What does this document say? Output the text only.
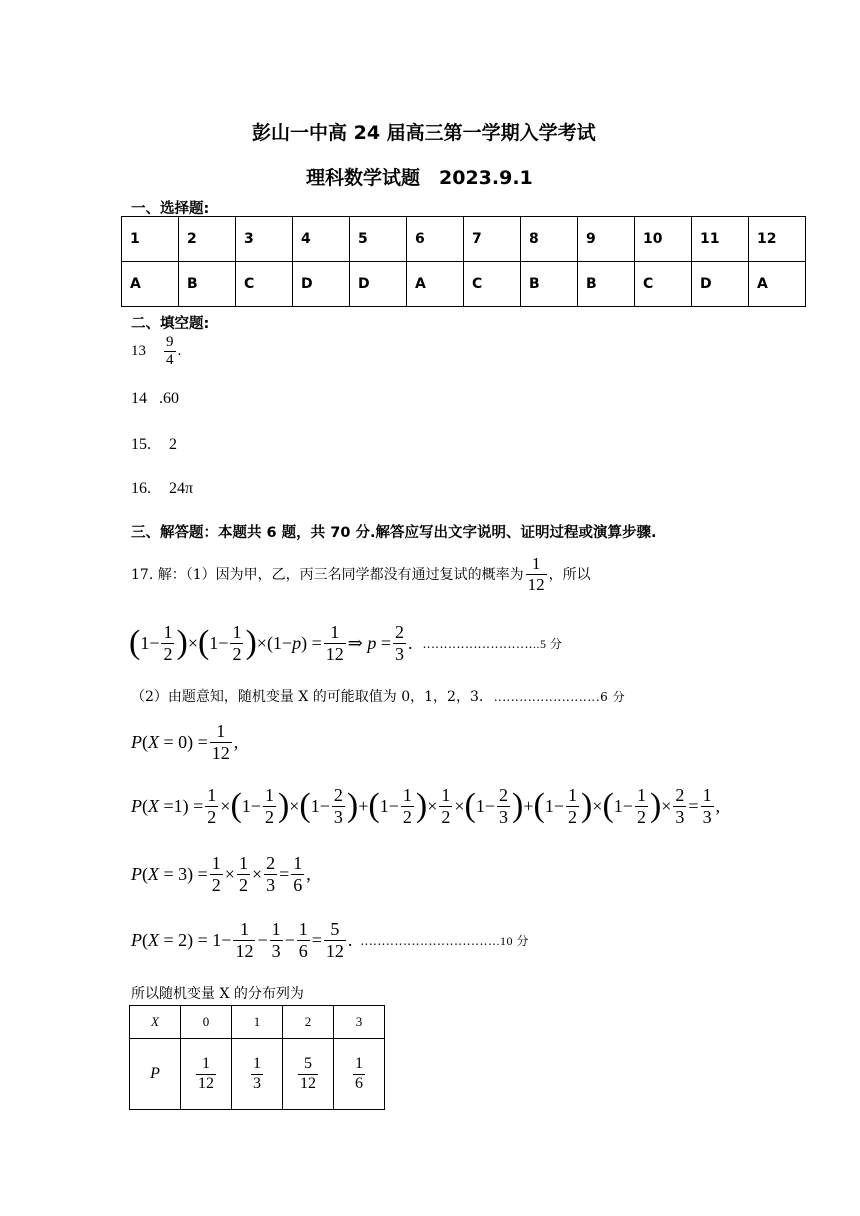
彭山一中高 24 届高三第一学期入学考试
理科数学试题　2023.9.1
一、选择题:
1	2	3	4	5	6	7	8	9	10	11	12
A	B	C	D	D	A	C	B	B	C	D	A
二、填空题:
$13 \frac{9}{4}$ .
14 .60
15. 2
16. 24π
三、解答题：本题共 6 题，共 70 分.解答应写出文字说明、证明过程或演算步骤.
17. 解：（1）因为甲，乙，丙三名同学都没有通过复试的概率为 $\frac{1}{12}$ ，所以
( $1- \frac{1}{2}$ ) × ( $1- \frac{1}{2}$ ) × $(1-p) = \frac{1}{12}$ ⇒ $p = \frac{2}{3}$ . ‥‥‥‥‥‥‥‥‥‥‥‥‥..5 分
（2）由题意知，随机变量 X 的可能取值为 0，1，2，3. ‥‥‥‥‥‥‥‥‥‥‥‥.6 分
P ( $X = 0) = \frac{1}{12}$ ,
P ( $X =1) = \frac{1}{2}$ × ( $1- \frac{1}{2}$ ) × ( $1- \frac{2}{3}$ ) + ( $1- \frac{1}{2}$ ) × $\frac{1}{2}$ × ( $1- \frac{2}{3}$ ) + ( $1- \frac{1}{2}$ ) × ( $1- \frac{1}{2}$ ) × $\frac{2}{3} = \frac{1}{3}$ ,
P ( $X = 3) = \frac{1}{2} \times \frac{1}{2} \times \frac{2}{3} = \frac{1}{6}$ ,
P ( $X = 2) = 1- \frac{1}{12} - \frac{1}{3} - \frac{1}{6} = \frac{5}{12}$ . ‥‥‥‥‥‥‥‥‥‥‥‥‥‥‥‥.10 分
所以随机变量 X 的分布列为
X	0	1	2	3
P	$\frac{1}{12}$	$\frac{1}{3}$	$\frac{5}{12}$	$\frac{1}{6}$
